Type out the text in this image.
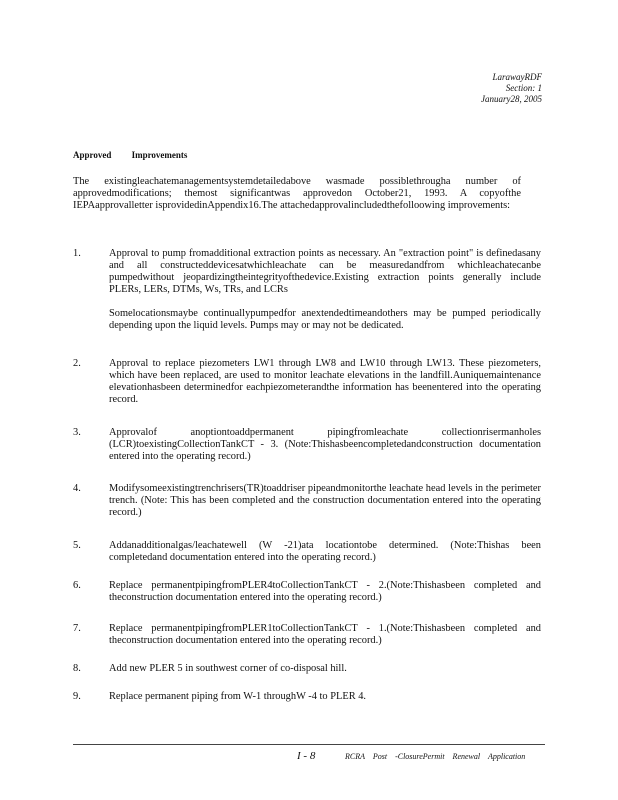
LarawayRDF
Section: 1
January28, 2005
Approved Improvements
The existingleachatemanagementsystemdetailedabove wasmade possiblethrougha number of approvedmodifications; themost significantwas approvedon October21, 1993. A copyofthe IEPAapprovalletter isprovidedinAppendix16.The attachedapprovalincludedthefolloowing improvements:
1.	Approval to pump fromadditional extraction points as necessary. An "extraction point" is definedasany and all constructeddevicesatwhichleachate can be measuredandfrom whichleachatecanbe pumpedwithout jeopardizingtheintegrityofthedevice.Existing extraction points generally include PLERs, LERs, DTMs, Ws, TRs, and LCRs
Somelocationsmaybe continuallypumpedfor anextendedtimeandothers may be pumped periodically depending upon the liquid levels. Pumps may or may not be dedicated.
2.	Approval to replace piezometers LW1 through LW8 and LW10 through LW13. These piezometers, which have been replaced, are used to monitor leachate elevations in the landfill.Auniquemaintenance elevationhasbeen determinedfor eachpiezometerandthe information has beenentered into the operating record.
3.	Approvalof anoptiontoaddpermanent pipingfromleachate collectionrisermanholes (LCR)toexistingCollectionTankCT - 3. (Note:Thishasbeencompletedandconstruction documentation entered into the operating record.)
4.	Modifysomeexistingtrenchrisers(TR)toaddriser pipeandmonitorthe leachate head levels in the perimeter trench. (Note: This has been completed and the construction documentation entered into the operating record.)
5.	Addanadditionalgas/leachatewell (W -21)ata locationtobe determined. (Note:Thishas been completedand documentation entered into the operating record.)
6.	Replace permanentpipingfromPLER4toCollectionTankCT - 2.(Note:Thishasbeen completed and theconstruction documentation entered into the operating record.)
7.	Replace permanentpipingfromPLER1toCollectionTankCT - 1.(Note:Thishasbeen completed and theconstruction documentation entered into the operating record.)
8.	Add new PLER 5 in southwest corner of co-disposal hill.
9.	Replace permanent piping from W-1 throughW -4 to PLER 4.
I - 8	RCRA Post -ClosurePermit Renewal Application
